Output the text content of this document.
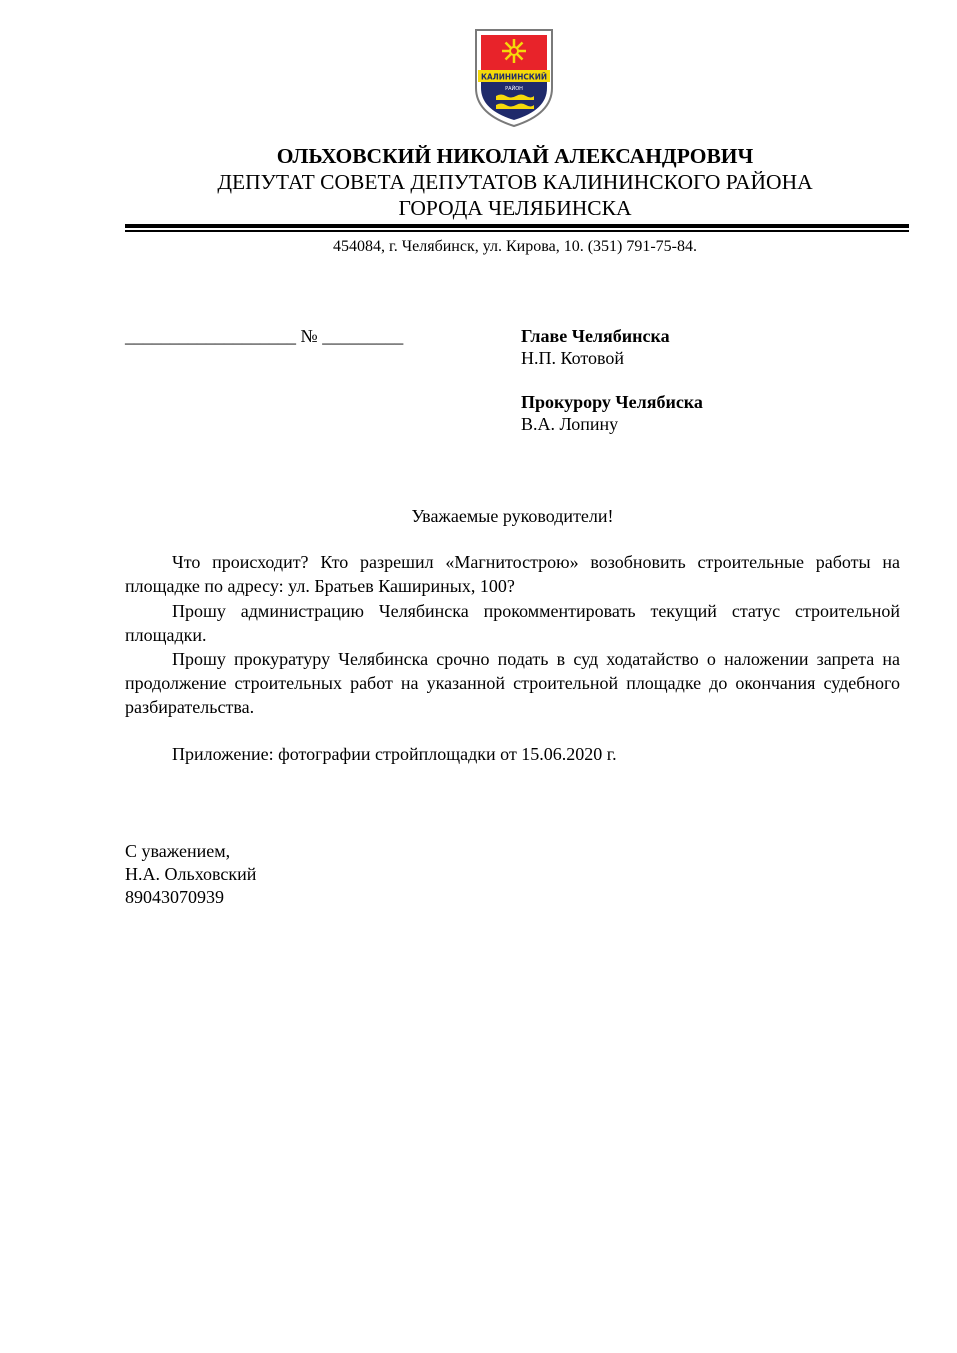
КАЛИНИНСКИЙ
РАЙОН
ОЛЬХОВСКИЙ НИКОЛАЙ АЛЕКСАНДРОВИЧ
ДЕПУТАТ СОВЕТА ДЕПУТАТОВ КАЛИНИНСКОГО РАЙОНА
ГОРОДА ЧЕЛЯБИНСКА
454084, г. Челябинск, ул. Кирова, 10. (351) 791-75-84.
___________________ № _________	Главе Челябинска
Н.П. Котовой
Прокурору Челябиска
В.А. Лопину
Уважаемые руководители!
Что происходит? Кто разрешил «Магнитострою» возобновить строительные работы на площадке по адресу: ул. Братьев Кашириных, 100?
Прошу администрацию Челябинска прокомментировать текущий статус строительной площадки.
Прошу прокуратуру Челябинска срочно подать в суд ходатайство о наложении запрета на продолжение строительных работ на указанной строительной площадке до окончания судебного разбирательства.
Приложение: фотографии стройплощадки от 15.06.2020 г.
С уважением,
Н.А. Ольховский
89043070939
